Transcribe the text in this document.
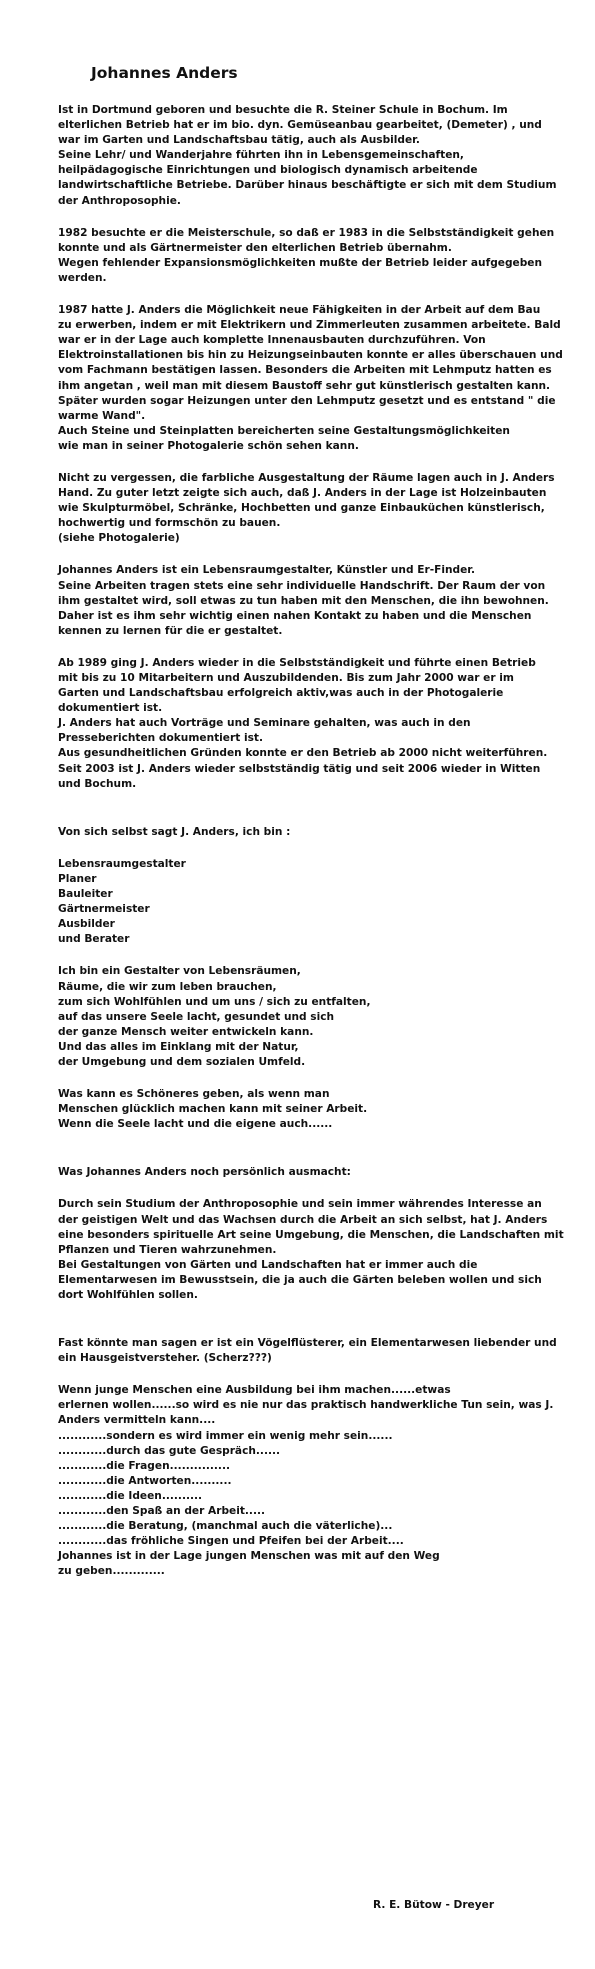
Johannes Anders
Ist in Dortmund geboren und besuchte die R. Steiner Schule in Bochum. Im
elterlichen Betrieb hat er im bio. dyn. Gemüseanbau gearbeitet, (Demeter) , und
war im Garten und Landschaftsbau tätig, auch als Ausbilder.
Seine Lehr/ und Wanderjahre führten ihn in Lebensgemeinschaften,
heilpädagogische Einrichtungen und biologisch dynamisch arbeitende
landwirtschaftliche Betriebe. Darüber hinaus beschäftigte er sich mit dem Studium
der Anthroposophie.
1982 besuchte er die Meisterschule, so daß er 1983 in die Selbstständigkeit gehen
konnte und als Gärtnermeister den elterlichen Betrieb übernahm.
Wegen fehlender Expansionsmöglichkeiten mußte der Betrieb leider aufgegeben
werden.
1987 hatte J. Anders die Möglichkeit neue Fähigkeiten in der Arbeit auf dem Bau
zu erwerben, indem er mit Elektrikern und Zimmerleuten zusammen arbeitete. Bald
war er in der Lage auch komplette Innenausbauten durchzuführen. Von
Elektroinstallationen bis hin zu Heizungseinbauten konnte er alles überschauen und
vom Fachmann bestätigen lassen. Besonders die Arbeiten mit Lehmputz hatten es
ihm angetan , weil man mit diesem Baustoff sehr gut künstlerisch gestalten kann.
Später wurden sogar Heizungen unter den Lehmputz gesetzt und es entstand " die
warme Wand".
Auch Steine und Steinplatten bereicherten seine Gestaltungsmöglichkeiten
wie man in seiner Photogalerie schön sehen kann.
Nicht zu vergessen, die farbliche Ausgestaltung der Räume lagen auch in J. Anders
Hand. Zu guter letzt zeigte sich auch, daß J. Anders in der Lage ist Holzeinbauten
wie Skulpturmöbel, Schränke, Hochbetten und ganze Einbauküchen künstlerisch,
hochwertig und formschön zu bauen.
(siehe Photogalerie)
Johannes Anders ist ein Lebensraumgestalter, Künstler und Er-Finder.
Seine Arbeiten tragen stets eine sehr individuelle Handschrift. Der Raum der von
ihm gestaltet wird, soll etwas zu tun haben mit den Menschen, die ihn bewohnen.
Daher ist es ihm sehr wichtig einen nahen Kontakt zu haben und die Menschen
kennen zu lernen für die er gestaltet.
Ab 1989 ging J. Anders wieder in die Selbstständigkeit und führte einen Betrieb
mit bis zu 10 Mitarbeitern und Auszubildenden. Bis zum Jahr 2000 war er im
Garten und Landschaftsbau erfolgreich aktiv,was auch in der Photogalerie
dokumentiert ist.
J. Anders hat auch Vorträge und Seminare gehalten, was auch in den
Presseberichten dokumentiert ist.
Aus gesundheitlichen Gründen konnte er den Betrieb ab 2000 nicht weiterführen.
Seit 2003 ist J. Anders wieder selbstständig tätig und seit 2006 wieder in Witten
und Bochum.
Von sich selbst sagt J. Anders, ich bin :
Lebensraumgestalter
Planer
Bauleiter
Gärtnermeister
Ausbilder
und Berater
Ich bin ein Gestalter von Lebensräumen,
Räume, die wir zum leben brauchen,
zum sich Wohlfühlen und um uns / sich zu entfalten,
auf das unsere Seele lacht, gesundet und sich
der ganze Mensch weiter entwickeln kann.
Und das alles im Einklang mit der Natur,
der Umgebung und dem sozialen Umfeld.
Was kann es Schöneres geben, als wenn man
Menschen glücklich machen kann mit seiner Arbeit.
Wenn die Seele lacht und die eigene auch......
Was Johannes Anders noch persönlich ausmacht:
Durch sein Studium der Anthroposophie und sein immer währendes Interesse an
der geistigen Welt und das Wachsen durch die Arbeit an sich selbst, hat J. Anders
eine besonders spirituelle Art seine Umgebung, die Menschen, die Landschaften mit
Pflanzen und Tieren wahrzunehmen.
Bei Gestaltungen von Gärten und Landschaften hat er immer auch die
Elementarwesen im Bewusstsein, die ja auch die Gärten beleben wollen und sich
dort Wohlfühlen sollen.
Fast könnte man sagen er ist ein Vögelflüsterer, ein Elementarwesen liebender und
ein Hausgeistversteher. (Scherz???)
Wenn junge Menschen eine Ausbildung bei ihm machen......etwas
erlernen wollen......so wird es nie nur das praktisch handwerkliche Tun sein, was J.
Anders vermitteln kann....
............sondern es wird immer ein wenig mehr sein......
............durch das gute Gespräch......
............die Fragen...............
............die Antworten..........
............die Ideen..........
............den Spaß an der Arbeit.....
............die Beratung, (manchmal auch die väterliche)...
............das fröhliche Singen und Pfeifen bei der Arbeit....
Johannes ist in der Lage jungen Menschen was mit auf den Weg
zu geben.............
R. E. Bütow - Dreyer
